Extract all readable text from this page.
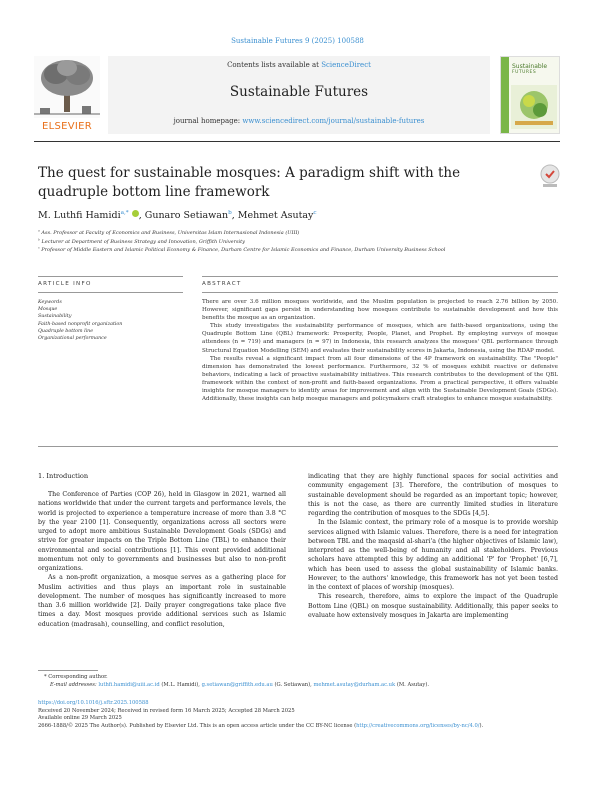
Sustainable Futures 9 (2025) 100588
ELSEVIER
Contents lists available at ScienceDirect
Sustainable Futures
journal homepage: www.sciencedirect.com/journal/sustainable-futures
Sustainable
FUTURES
The quest for sustainable mosques: A paradigm shift with the quadruple bottom line framework
M. Luthfi Hamidi$^{a,*}$ , Gunaro Setiawan$^b$, Mehmet Asutay$^c$
$^a$ Ass. Professor at Faculty of Economics and Business, Universitas Islam Internasional Indonesia (UIII)
$^b$ Lecturer at Department of Business Strategy and Innovation, Griffith University
$^c$ Professor of Middle Eastern and Islamic Political Economy & Finance, Durham Centre for Islamic Economics and Finance, Durham University Business School
ARTICLE INFO
Keywords
Mosque
Sustainability
Faith-based nonprofit organization
Quadruple bottom line
Organizational performance
ABSTRACT

There are over 3.6 million mosques worldwide, and the Muslim population is projected to reach 2.76 billion by 2050. However, significant gaps persist in understanding how mosques contribute to sustainable development and how this benefits the mosque as an organization.

This study investigates the sustainability performance of mosques, which are faith-based organizations, using the Quadruple Bottom Line (QBL) framework: Prosperity, People, Planet, and Prophet. By employing surveys of mosque attendees (n = 719) and managers (n = 97) in Indonesia, this research analyzes the mosques' QBL performance through Structural Equation Modelling (SEM) and evaluates their sustainability scores in Jakarta, Indonesia, using the RDAP model.

The results reveal a significant impact from all four dimensions of the 4P framework on sustainability. The "People" dimension has demonstrated the lowest performance. Furthermore, 32 % of mosques exhibit reactive or defensive behaviors, indicating a lack of proactive sustainability initiatives. This research contributes to the development of the QBL framework within the context of non-profit and faith-based organizations. From a practical perspective, it offers valuable insights for mosque managers to identify areas for improvement and align with the Sustainable Development Goals (SDGs). Additionally, these insights can help mosque managers and policymakers craft strategies to enhance mosque sustainability.

1. Introduction

The Conference of Parties (COP 26), held in Glasgow in 2021, warned all nations worldwide that under the current targets and performance levels, the world is projected to experience a temperature increase of more than 3.8 °C by the year 2100 [1]. Consequently, organizations across all sectors were urged to adopt more ambitious Sustainable Development Goals (SDGs) and strive for greater impacts on the Triple Bottom Line (TBL) to enhance their environmental and social contributions [1]. This event provided additional momentum not only to governments and businesses but also to non-profit organizations.

As a non-profit organization, a mosque serves as a gathering place for Muslim activities and thus plays an important role in sustainable development. The number of mosques has significantly increased to more than 3.6 million worldwide [2]. Daily prayer congregations take place five times a day. Most mosques provide additional services such as Islamic education (madrasah), counselling, and conflict resolution,

indicating that they are highly functional spaces for social activities and community engagement [3]. Therefore, the contribution of mosques to sustainable development should be regarded as an important topic; however, this is not the case, as there are currently limited studies in literature regarding the contribution of mosques to the SDGs [4,5].

In the Islamic context, the primary role of a mosque is to provide worship services aligned with Islamic values. Therefore, there is a need for integration between TBL and the maqasid al-shari'a (the higher objectives of Islamic law), interpreted as the well-being of humanity and all stakeholders. Previous scholars have attempted this by adding an additional 'P' for 'Prophet' [6,7], which has been used to assess the global sustainability of Islamic banks. However, to the authors' knowledge, this framework has not yet been tested in the context of places of worship (mosques).

This research, therefore, aims to explore the impact of the Quadruple Bottom Line (QBL) on mosque sustainability. Additionally, this paper seeks to evaluate how extensively mosques in Jakarta are implementing

* Corresponding author.
E-mail addresses: luthfi.hamidi@uiii.ac.id (M.L. Hamidi), g.setiawan@griffith.edu.au (G. Setiawan), mehmet.asutay@durham.ac.uk (M. Asutay).
https://doi.org/10.1016/j.sftr.2025.100588
Received 20 November 2024; Received in revised form 16 March 2025; Accepted 28 March 2025
Available online 29 March 2025
2666-1888/© 2025 The Author(s). Published by Elsevier Ltd. This is an open access article under the CC BY-NC license (http://creativecommons.org/licenses/by-nc/4.0/).
